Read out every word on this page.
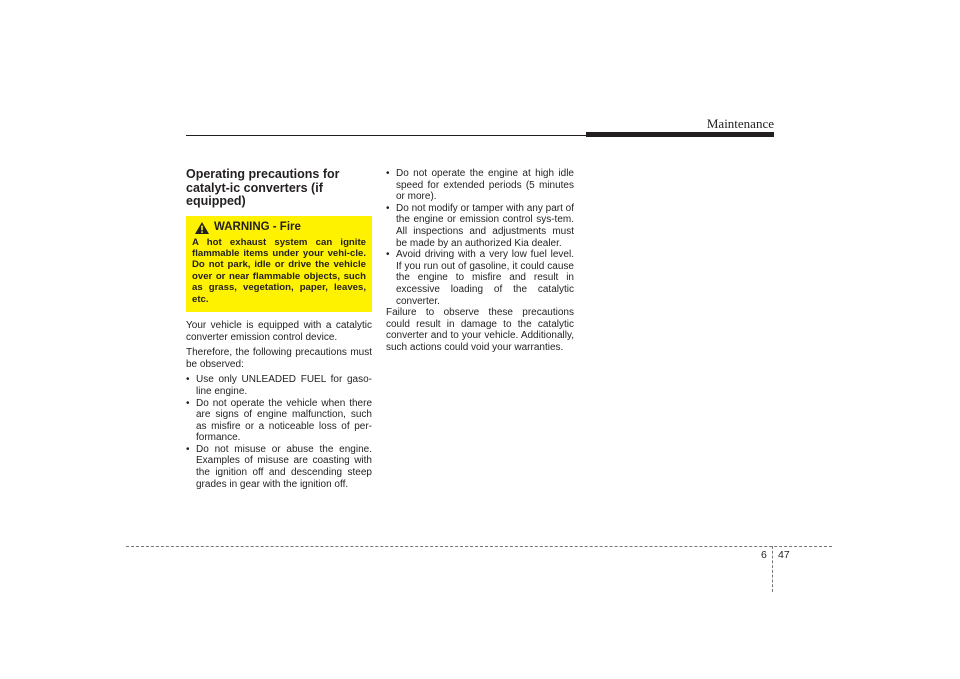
Maintenance
Operating precautions for catalyt-ic converters (if equipped)
WARNING - Fire
A hot exhaust system can ignite flammable items under your vehi-cle. Do not park, idle or drive the vehicle over or near flammable objects, such as grass, vegetation, paper, leaves, etc.

Your vehicle is equipped with a catalytic converter emission control device.

Therefore, the following precautions must be observed:

• Use only UNLEADED FUEL for gaso-line engine.
• Do not operate the vehicle when there are signs of engine malfunction, such as misfire or a noticeable loss of per-formance.
• Do not misuse or abuse the engine. Examples of misuse are coasting with the ignition off and descending steep grades in gear with the ignition off.
• Do not operate the engine at high idle speed for extended periods (5 minutes or more).
• Do not modify or tamper with any part of the engine or emission control sys-tem. All inspections and adjustments must be made by an authorized Kia dealer.
• Avoid driving with a very low fuel level. If you run out of gasoline, it could cause the engine to misfire and result in excessive loading of the catalytic converter.

Failure to observe these precautions could result in damage to the catalytic converter and to your vehicle. Additionally, such actions could void your warranties.

6 47
